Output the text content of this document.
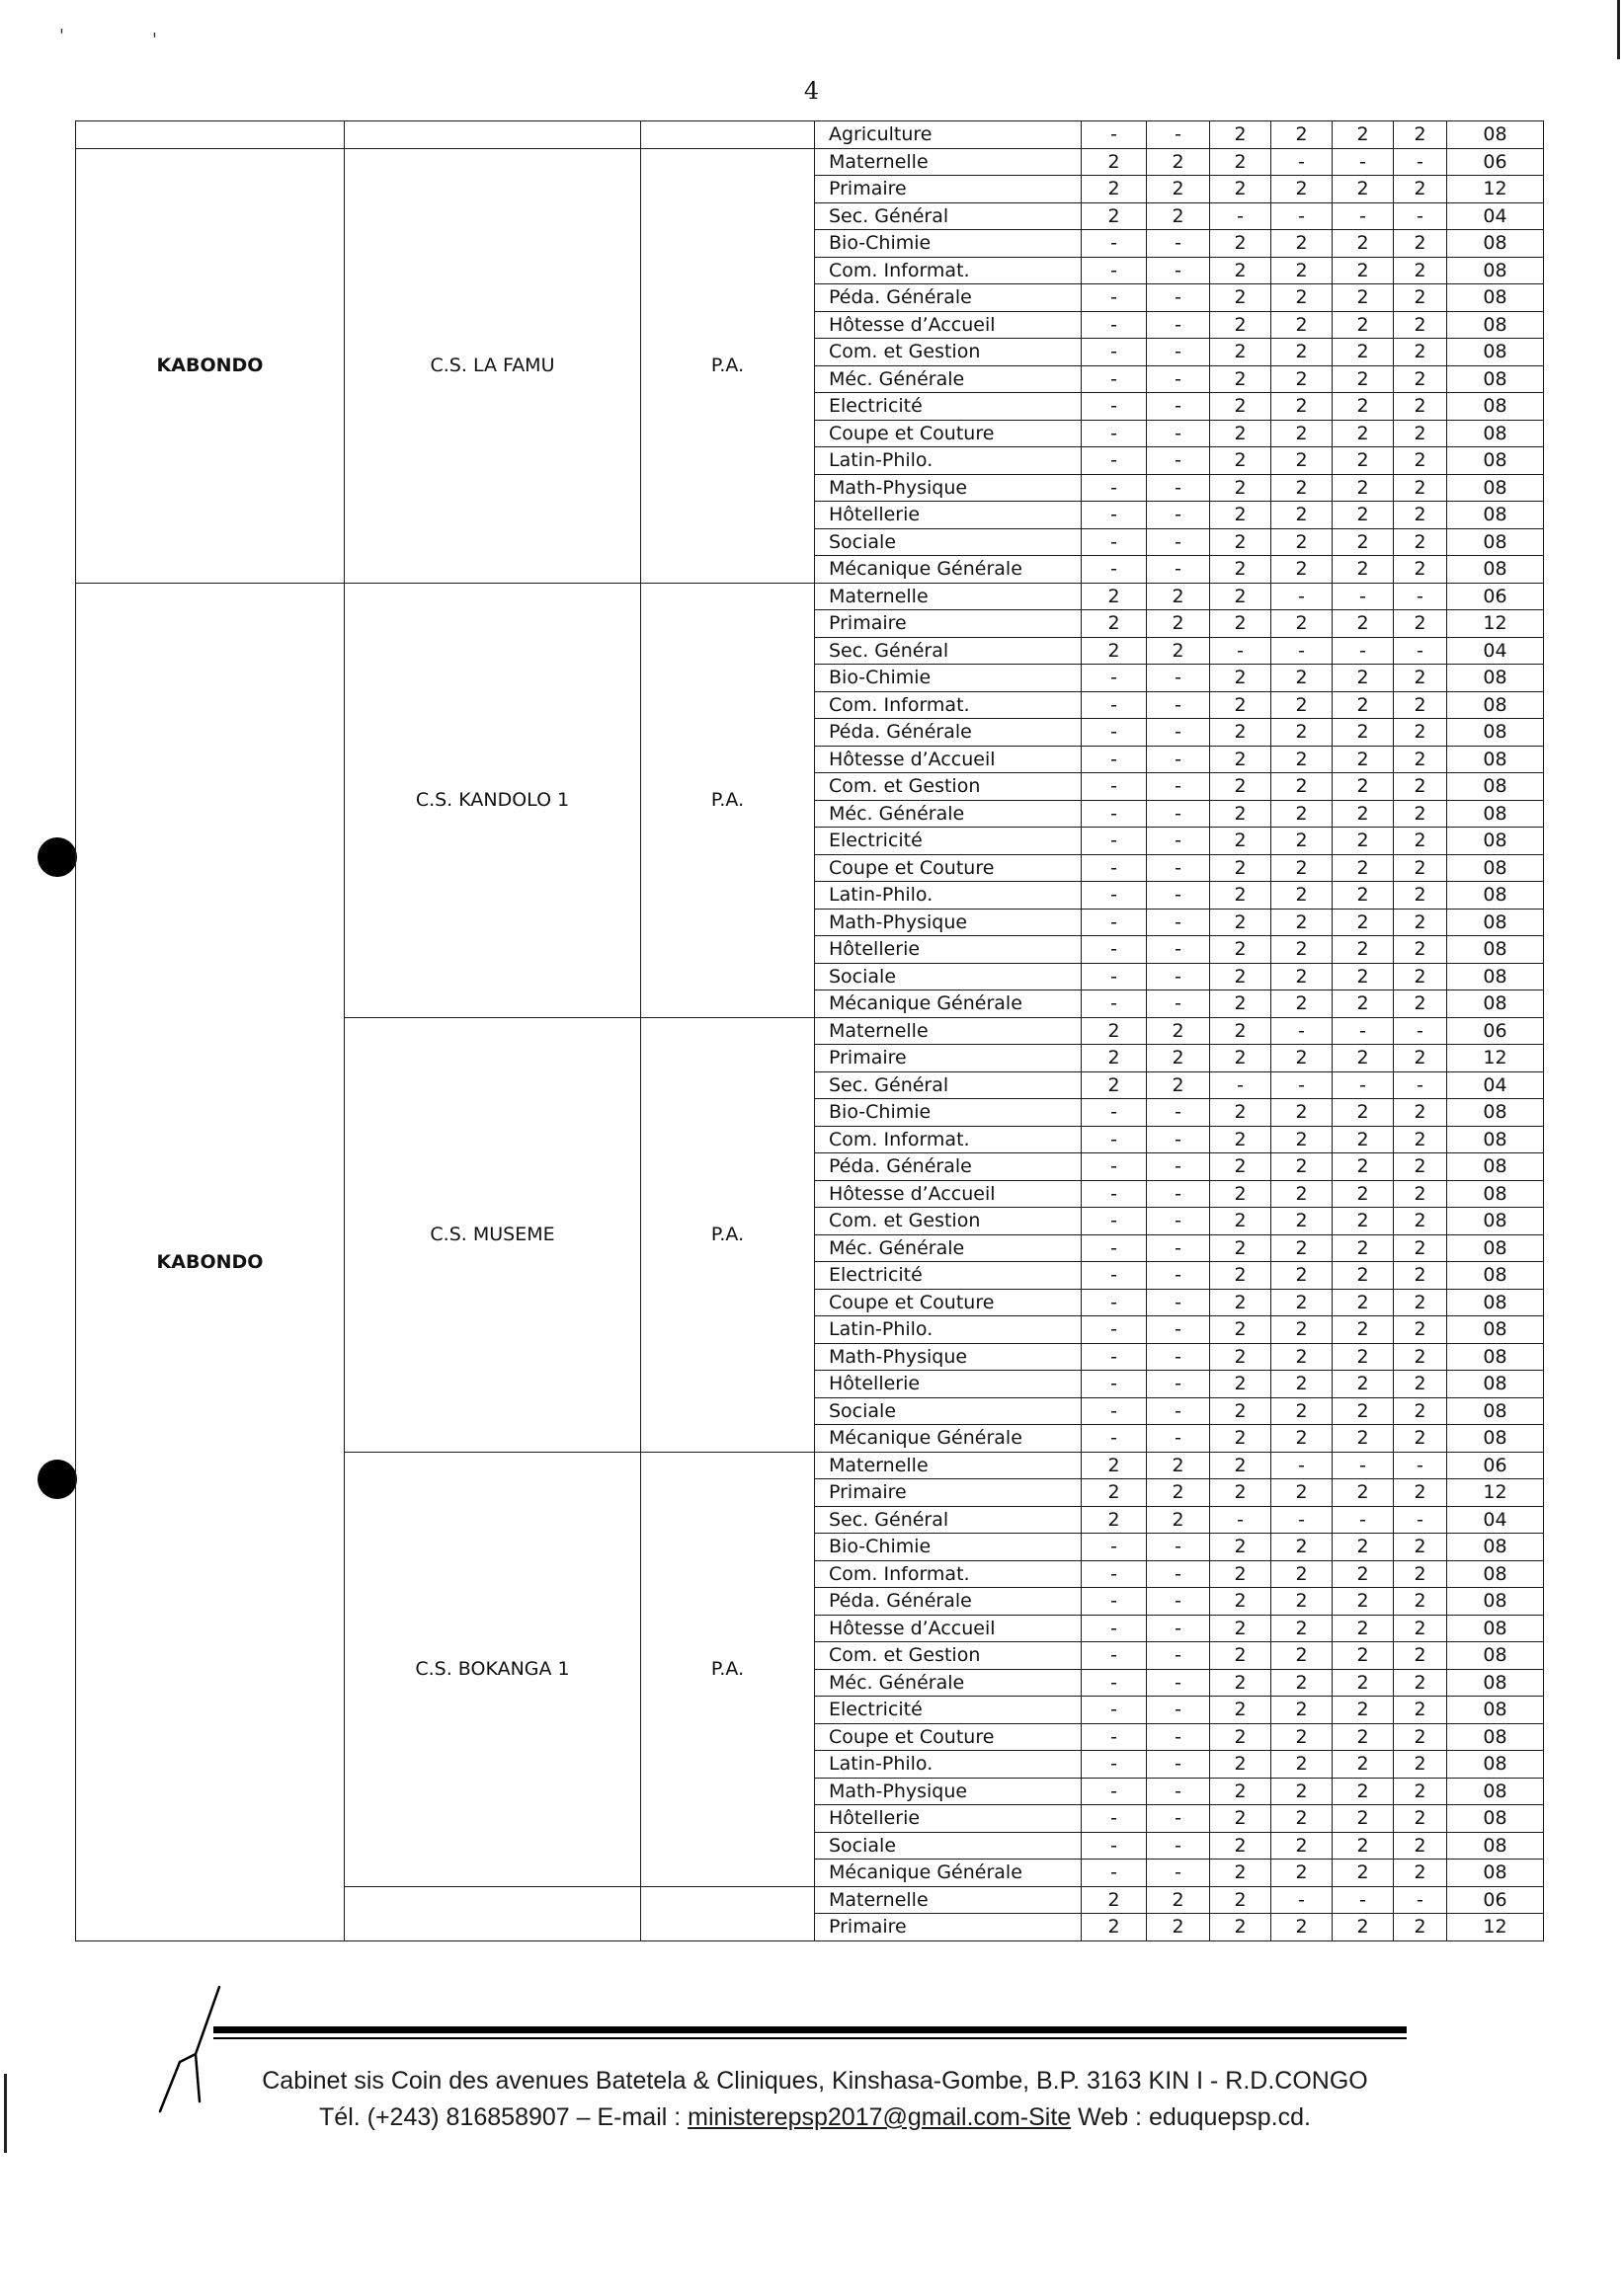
'	'
4
			Agriculture	-	-	2	2	2	2	08
KABONDO	C.S. LA FAMU	P.A.	Maternelle	2	2	2	-	-	-	06
			Primaire	2	2	2	2	2	2	12
			Sec. Général	2	2	-	-	-	-	04
			Bio-Chimie	-	-	2	2	2	2	08
			Com. Informat.	-	-	2	2	2	2	08
			Péda. Générale	-	-	2	2	2	2	08
			Hôtesse d’Accueil	-	-	2	2	2	2	08
			Com. et Gestion	-	-	2	2	2	2	08
			Méc. Générale	-	-	2	2	2	2	08
			Electricité	-	-	2	2	2	2	08
			Coupe et Couture	-	-	2	2	2	2	08
			Latin-Philo.	-	-	2	2	2	2	08
			Math-Physique	-	-	2	2	2	2	08
			Hôtellerie	-	-	2	2	2	2	08
			Sociale	-	-	2	2	2	2	08
			Mécanique Générale	-	-	2	2	2	2	08
KABONDO	C.S. KANDOLO 1	P.A.	Maternelle	2	2	2	-	-	-	06
			Primaire	2	2	2	2	2	2	12
			Sec. Général	2	2	-	-	-	-	04
			Bio-Chimie	-	-	2	2	2	2	08
			Com. Informat.	-	-	2	2	2	2	08
			Péda. Générale	-	-	2	2	2	2	08
			Hôtesse d’Accueil	-	-	2	2	2	2	08
			Com. et Gestion	-	-	2	2	2	2	08
			Méc. Générale	-	-	2	2	2	2	08
			Electricité	-	-	2	2	2	2	08
			Coupe et Couture	-	-	2	2	2	2	08
			Latin-Philo.	-	-	2	2	2	2	08
			Math-Physique	-	-	2	2	2	2	08
			Hôtellerie	-	-	2	2	2	2	08
			Sociale	-	-	2	2	2	2	08
			Mécanique Générale	-	-	2	2	2	2	08
	C.S. MUSEME	P.A.	Maternelle	2	2	2	-	-	-	06
			Primaire	2	2	2	2	2	2	12
			Sec. Général	2	2	-	-	-	-	04
			Bio-Chimie	-	-	2	2	2	2	08
			Com. Informat.	-	-	2	2	2	2	08
			Péda. Générale	-	-	2	2	2	2	08
			Hôtesse d’Accueil	-	-	2	2	2	2	08
			Com. et Gestion	-	-	2	2	2	2	08
			Méc. Générale	-	-	2	2	2	2	08
			Electricité	-	-	2	2	2	2	08
			Coupe et Couture	-	-	2	2	2	2	08
			Latin-Philo.	-	-	2	2	2	2	08
			Math-Physique	-	-	2	2	2	2	08
			Hôtellerie	-	-	2	2	2	2	08
			Sociale	-	-	2	2	2	2	08
			Mécanique Générale	-	-	2	2	2	2	08
	C.S. BOKANGA 1	P.A.	Maternelle	2	2	2	-	-	-	06
			Primaire	2	2	2	2	2	2	12
			Sec. Général	2	2	-	-	-	-	04
			Bio-Chimie	-	-	2	2	2	2	08
			Com. Informat.	-	-	2	2	2	2	08
			Péda. Générale	-	-	2	2	2	2	08
			Hôtesse d’Accueil	-	-	2	2	2	2	08
			Com. et Gestion	-	-	2	2	2	2	08
			Méc. Générale	-	-	2	2	2	2	08
			Electricité	-	-	2	2	2	2	08
			Coupe et Couture	-	-	2	2	2	2	08
			Latin-Philo.	-	-	2	2	2	2	08
			Math-Physique	-	-	2	2	2	2	08
			Hôtellerie	-	-	2	2	2	2	08
			Sociale	-	-	2	2	2	2	08
			Mécanique Générale	-	-	2	2	2	2	08
			Maternelle	2	2	2	-	-	-	06
			Primaire	2	2	2	2	2	2	12
Cabinet sis Coin des avenues Batetela & Cliniques, Kinshasa-Gombe, B.P. 3163 KIN I - R.D.CONGO
Tél. (+243) 816858907 – E-mail : ministerepsp2017@gmail.com-Site Web : eduquepsp.cd.
